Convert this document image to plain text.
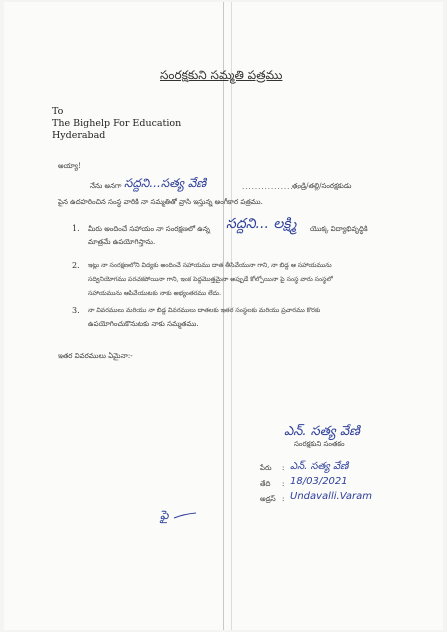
సంరక్షకుని సమ్మతి పత్రము
To
The Bighelp For Education
Hyderabad
అయ్యా!
నేను అనగా సద్దని...సత్య వేణి	..................
తండ్రి/తల్లి/సంరక్షకుడు
పైన ఉదహరించిన సంస్థ వారికి నా సమ్మతితో వ్రాసి ఇస్తున్న అంగీకార పత్రము.
1. మీరు అందించే సహాయం నా సంరక్షణలో ఉన్న సద్దని... లక్ష్మి యొక్క విద్యాభివృద్ధికి
మాత్రమే ఉపయోగిస్తాను.
2. ఇట్లు నా సంరక్షణలోని విద్యకు అందించే సహాయము దాత తీసివేయునా గాని, నా బిడ్డ ఆ సహాయమును
సద్వినియోగము పరచకపోయినా గాని, ఇంక పెద్దమొత్తమైనా అప్పుడే కోల్పోయినా పై సంస్థ వారు సంస్థలో
సహాయమును ఆపివేయుటకు నాకు అభ్యంతరము లేదు.
3. నా వివరములు మరియు నా బిడ్డ వివరములు దాతలకు ఇతర సంస్థలకు మరియు ప్రచారము కొరకు
ఉపయోగించుకొనుటకు నాకు సమ్మతము.
ఇతర వివరములు ఏమైనా:-
ఎన్. సత్య వేణి
సంరక్షకుని సంతకం
పేరు : ఎన్. సత్య వేణి
తేది : 18/03/2021
అడ్రస్ : Undavalli.Varam
ఫై
